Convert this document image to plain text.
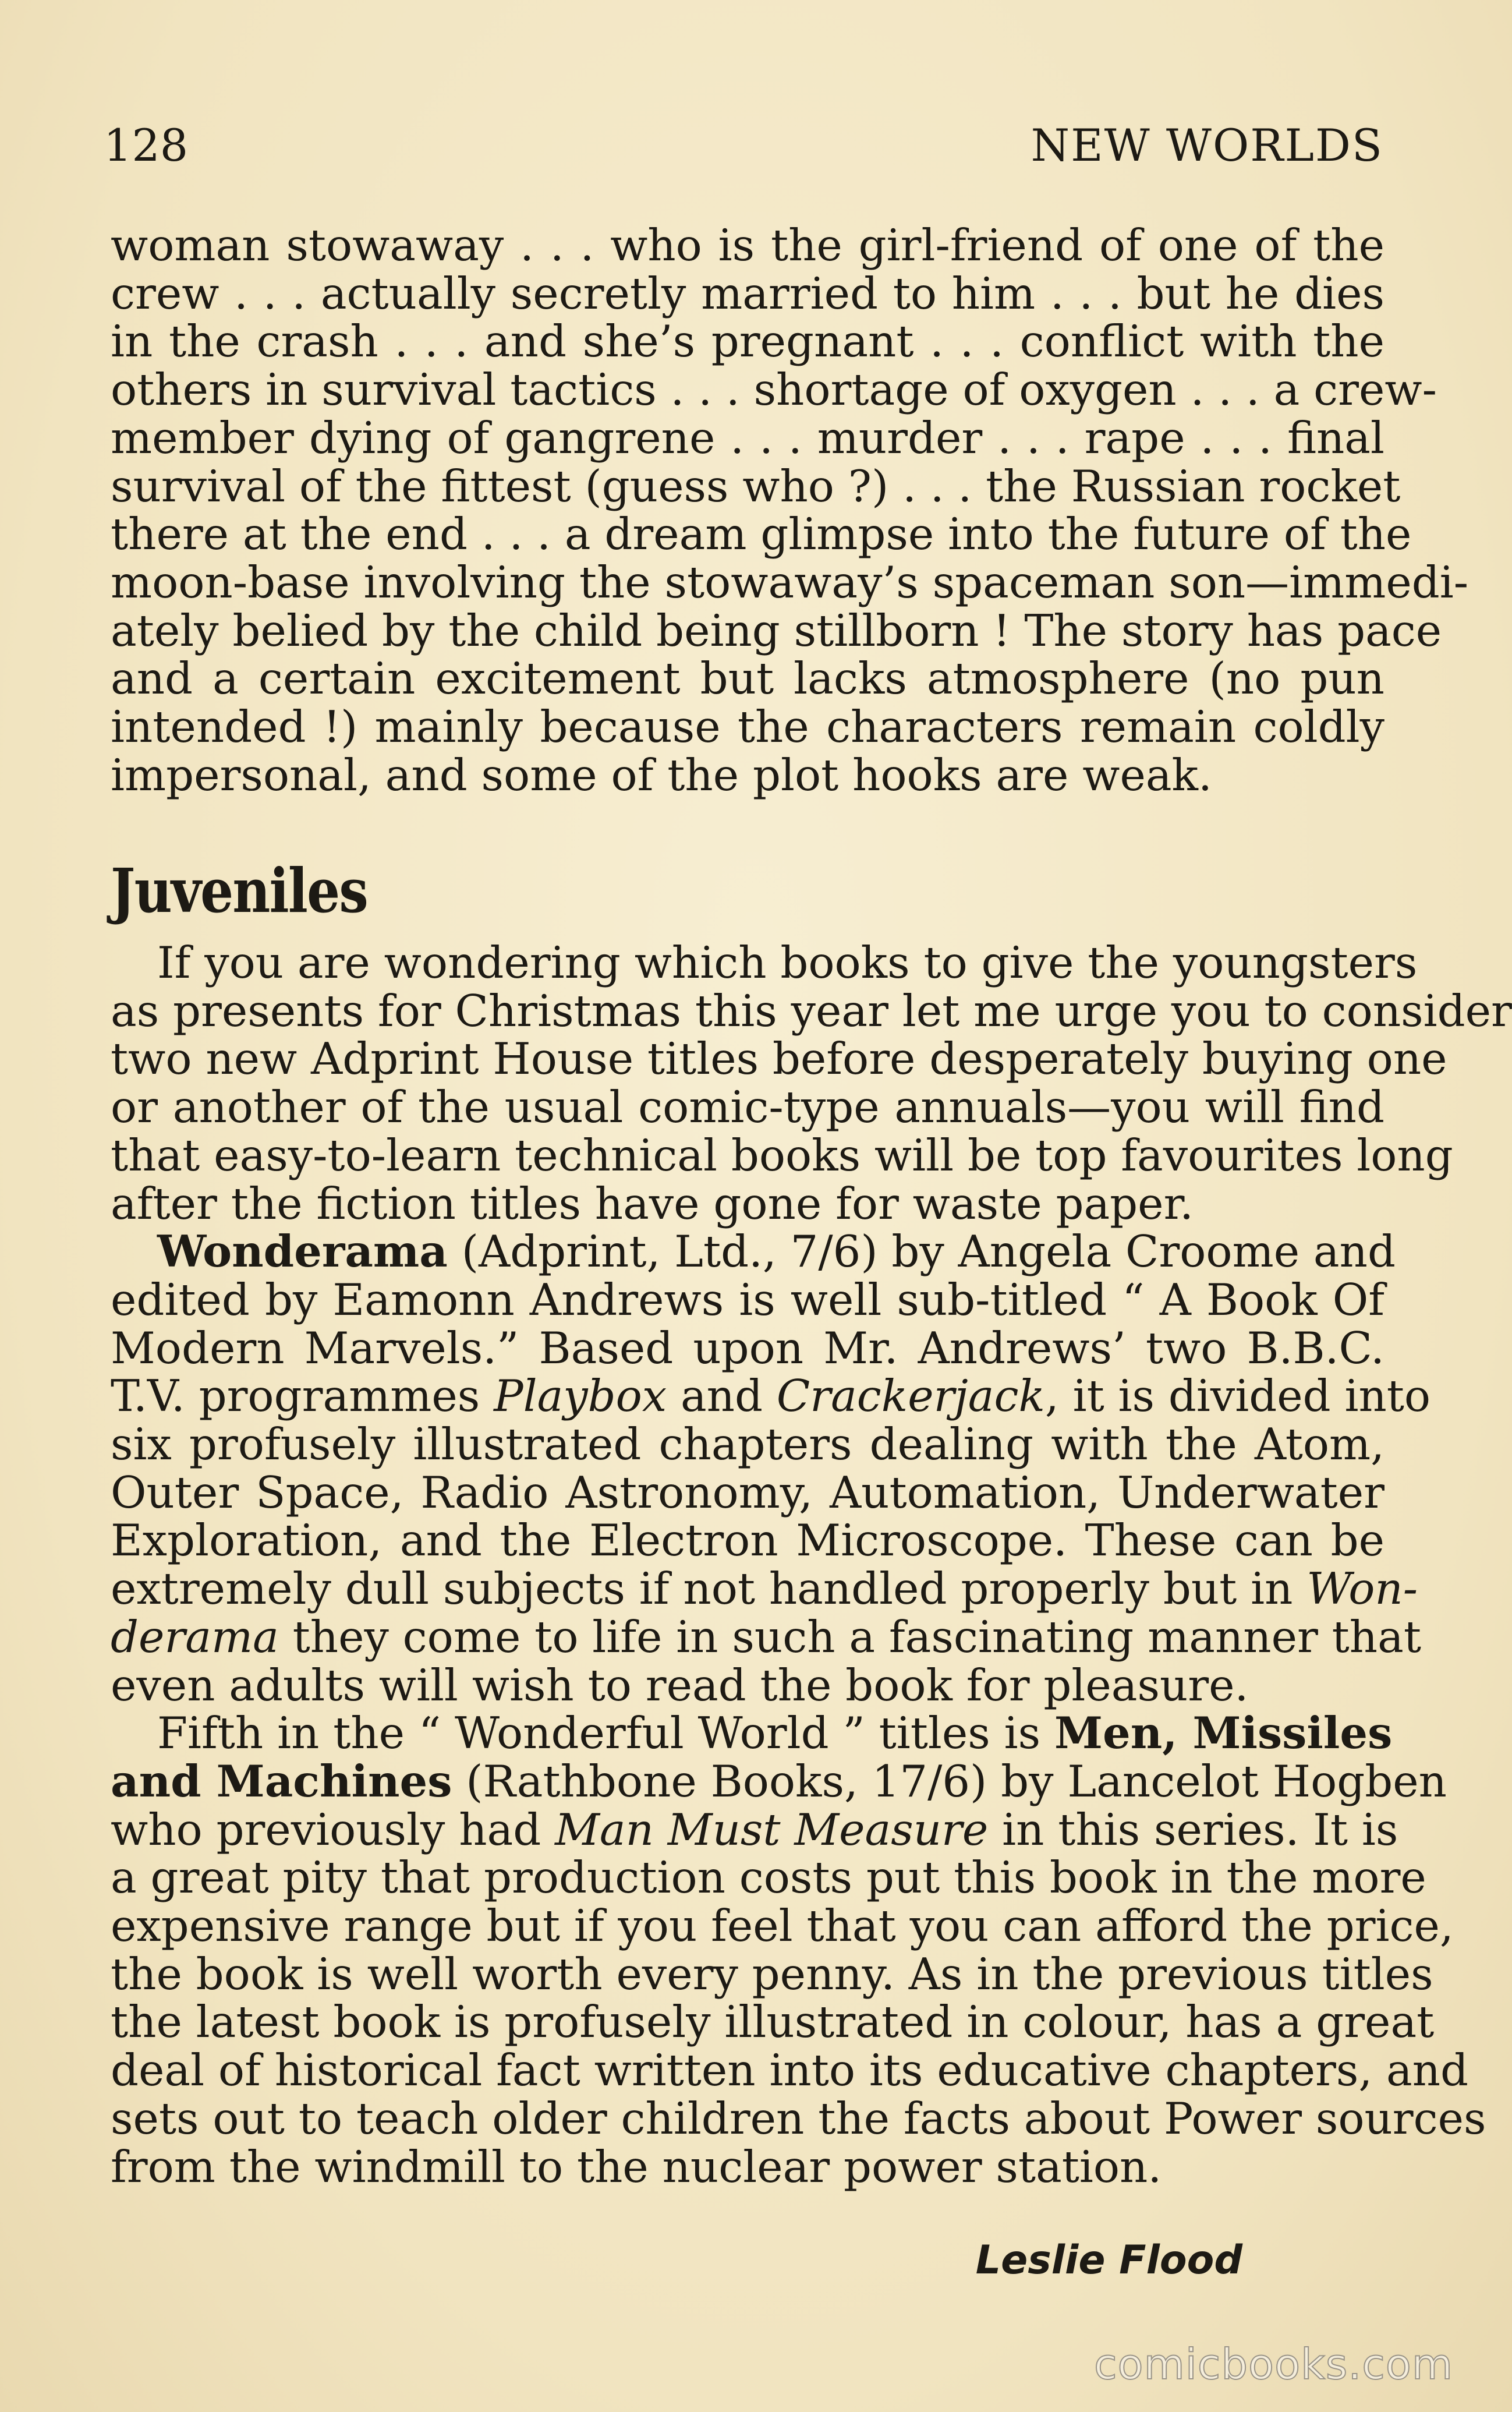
128	NEW WORLDS
woman stowaway . . . who is the girl-friend of one of the
crew . . . actually secretly married to him . . . but he dies
in the crash . . . and she’s pregnant . . . conflict with the
others in survival tactics . . . shortage of oxygen . . . a crew-
member dying of gangrene . . . murder . . . rape . . . final
survival of the fittest (guess who ?) . . . the Russian rocket
there at the end . . . a dream glimpse into the future of the
moon-base involving the stowaway’s spaceman son—immedi-
ately belied by the child being stillborn ! The story has pace
and a certain excitement but lacks atmosphere (no pun
intended !) mainly because the characters remain coldly
impersonal, and some of the plot hooks are weak.
Juveniles
If you are wondering which books to give the youngsters
as presents for Christmas this year let me urge you to consider
two new Adprint House titles before desperately buying one
or another of the usual comic-type annuals—you will find
that easy-to-learn technical books will be top favourites long
after the fiction titles have gone for waste paper.
Wonderama (Adprint, Ltd., 7/6) by Angela Croome and
edited by Eamonn Andrews is well sub-titled “ A Book Of
Modern Marvels.” Based upon Mr. Andrews’ two B.B.C.
T.V. programmes Playbox and Crackerjack, it is divided into
six profusely illustrated chapters dealing with the Atom,
Outer Space, Radio Astronomy, Automation, Underwater
Exploration, and the Electron Microscope. These can be
extremely dull subjects if not handled properly but in Won-
derama they come to life in such a fascinating manner that
even adults will wish to read the book for pleasure.
Fifth in the “ Wonderful World ” titles is Men, Missiles
and Machines (Rathbone Books, 17/6) by Lancelot Hogben
who previously had Man Must Measure in this series. It is
a great pity that production costs put this book in the more
expensive range but if you feel that you can afford the price,
the book is well worth every penny. As in the previous titles
the latest book is profusely illustrated in colour, has a great
deal of historical fact written into its educative chapters, and
sets out to teach older children the facts about Power sources
from the windmill to the nuclear power station.
Leslie Flood
comicbooks.com
